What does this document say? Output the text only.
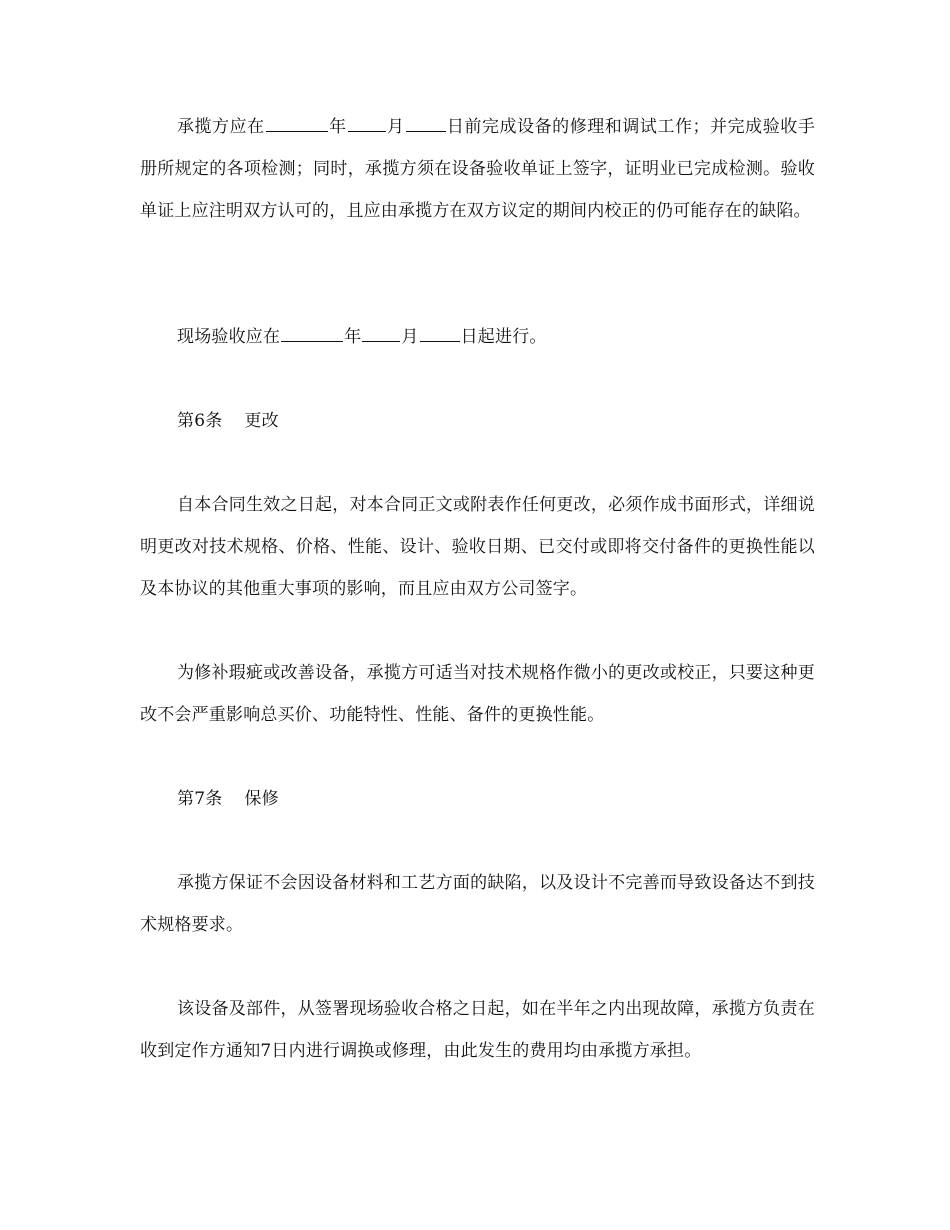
承揽方应在	年 月 日前完成设备的修理和调试工作；并完成验收手册所规定的各项检测；同时，承揽方须在设备验收单证上签字，证明业已完成检测。验收单证上应注明双方认可的，且应由承揽方在双方议定的期间内校正的仍可能存在的缺陷。

现场验收应在	年 月 日起进行。

第6条 更改

自本合同生效之日起，对本合同正文或附表作任何更改，必须作成书面形式，详细说明更改对技术规格、价格、性能、设计、验收日期、已交付或即将交付备件的更换性能以及本协议的其他重大事项的影响，而且应由双方公司签字。

为修补瑕疵或改善设备，承揽方可适当对技术规格作微小的更改或校正，只要这种更改不会严重影响总买价、功能特性、性能、备件的更换性能。

第7条 保修

承揽方保证不会因设备材料和工艺方面的缺陷，以及设计不完善而导致设备达不到技术规格要求。

该设备及部件，从签署现场验收合格之日起，如在半年之内出现故障，承揽方负责在收到定作方通知7日内进行调换或修理，由此发生的费用均由承揽方承担。
